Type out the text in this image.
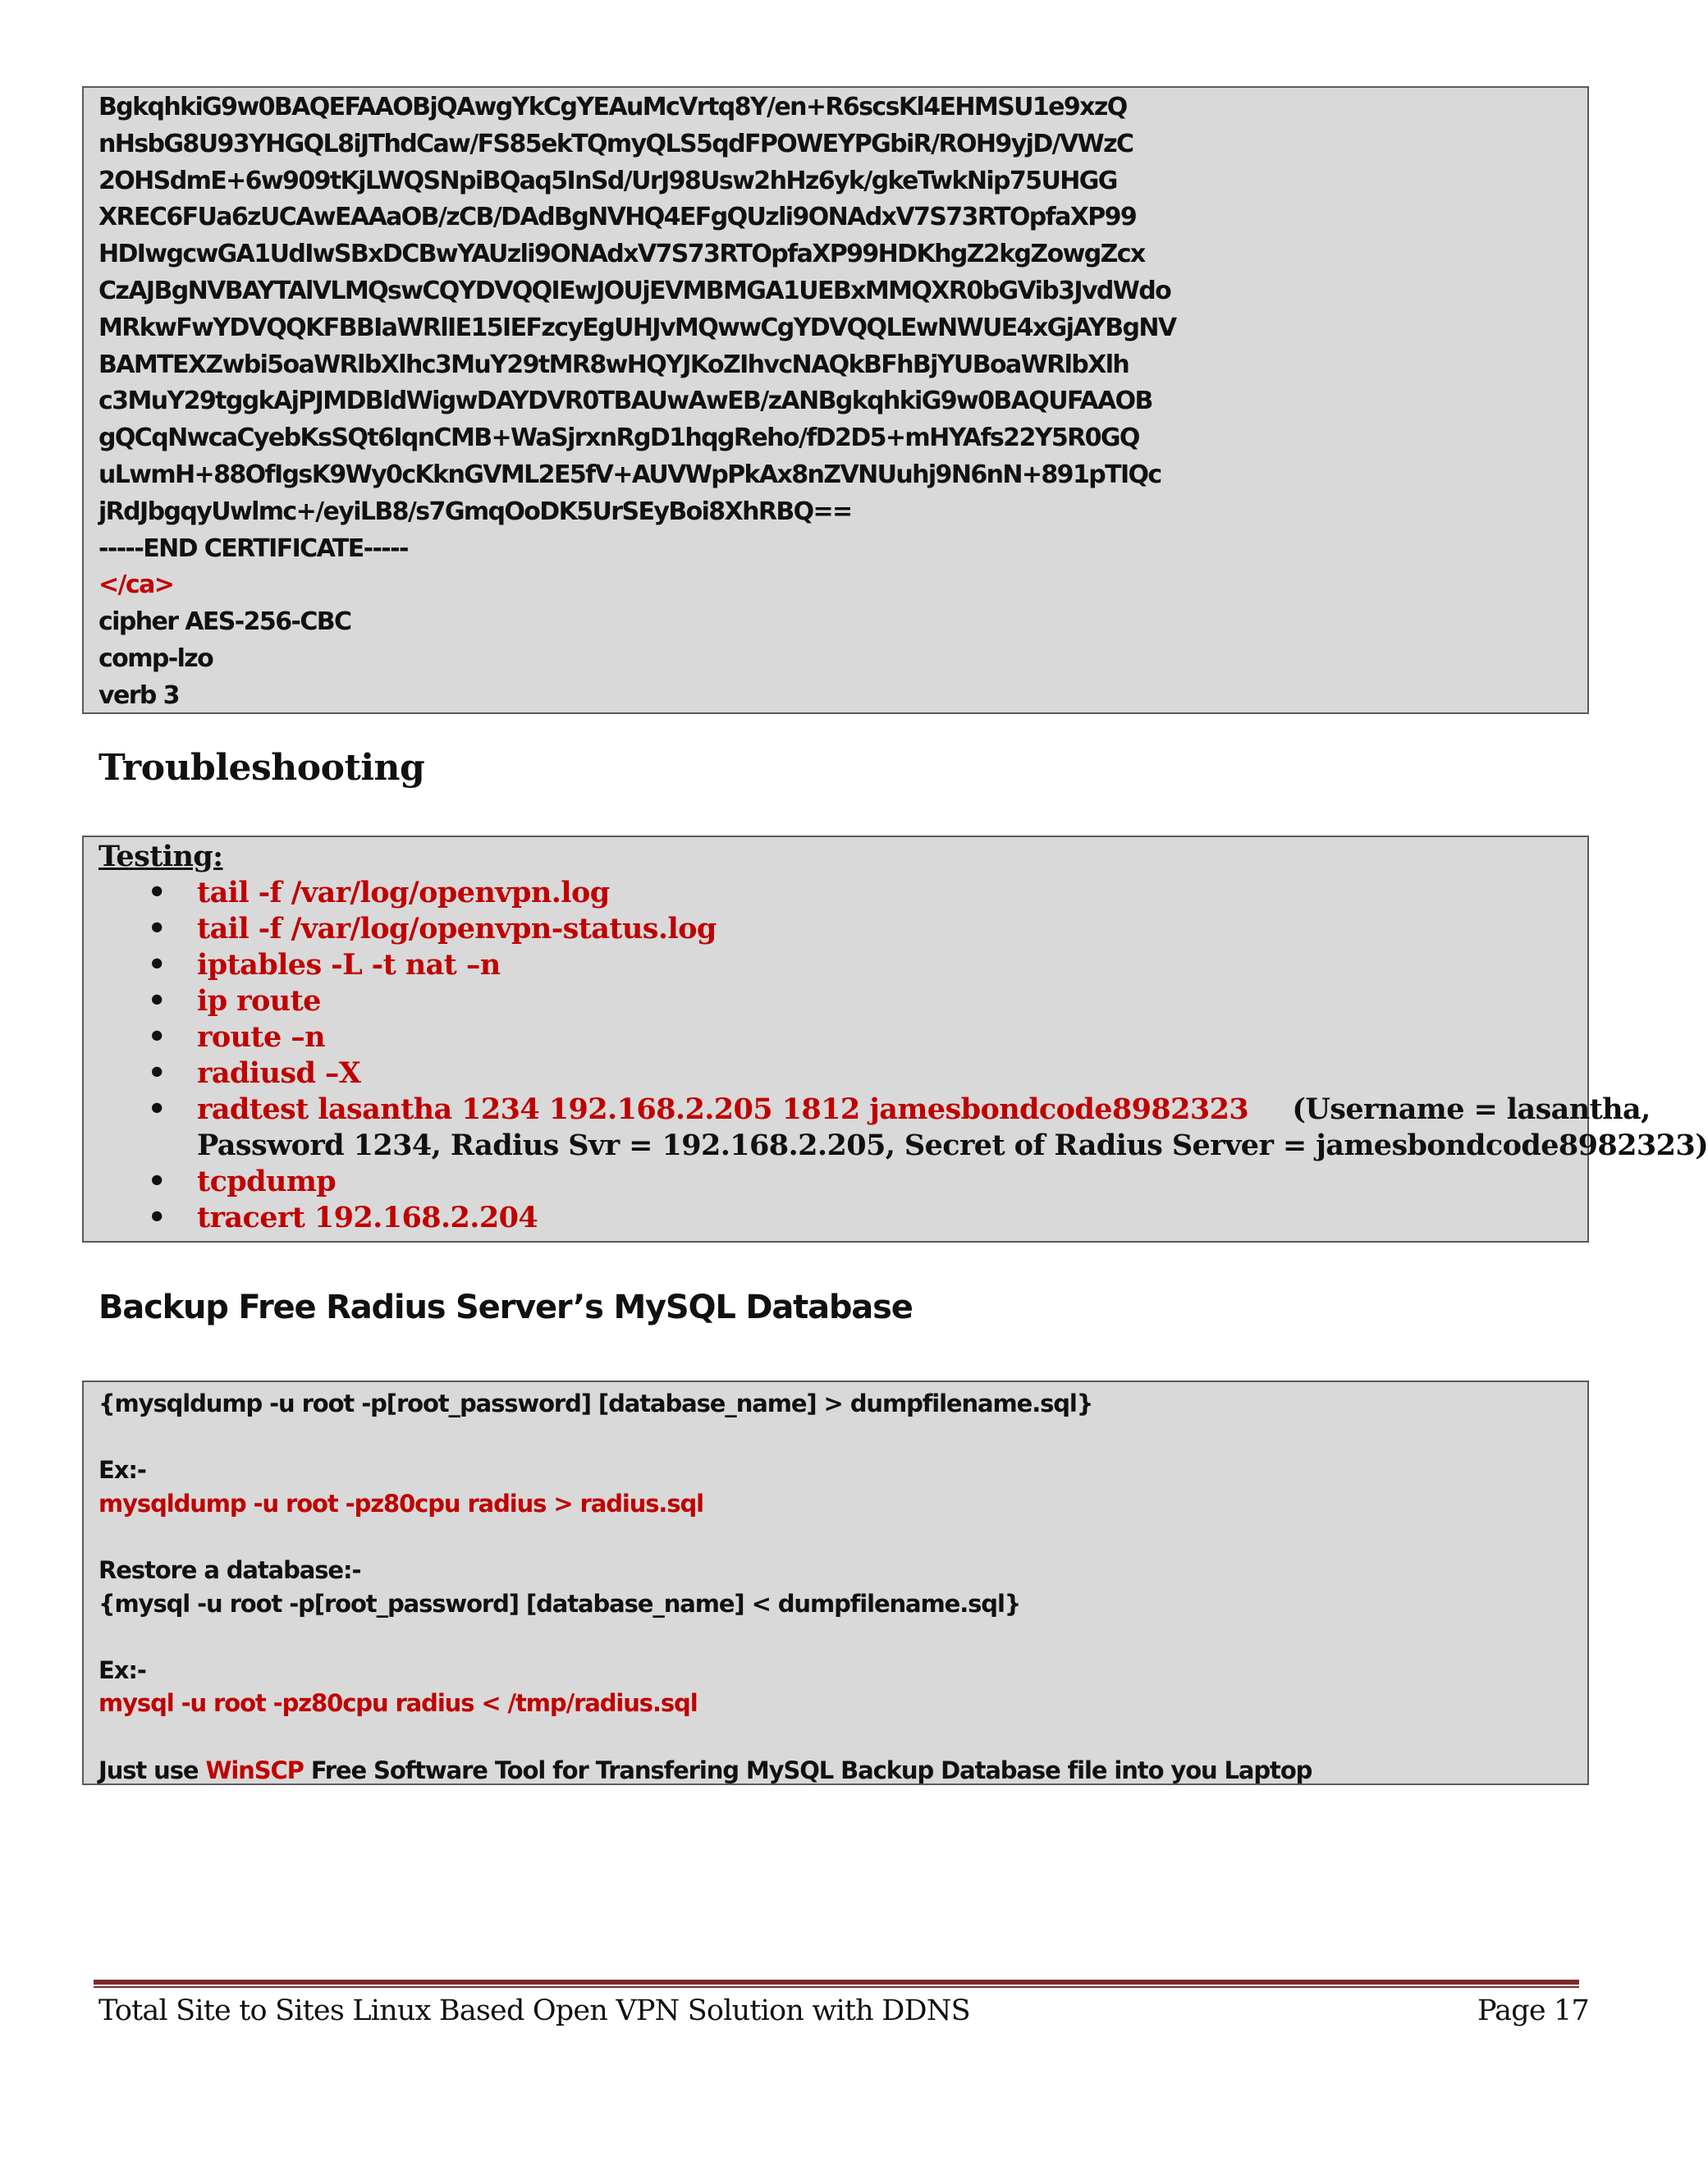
BgkqhkiG9w0BAQEFAAOBjQAwgYkCgYEAuMcVrtq8Y/en+R6scsKl4EHMSU1e9xzQ
nHsbG8U93YHGQL8iJThdCaw/FS85ekTQmyQLS5qdFPOWEYPGbiR/ROH9yjD/VWzC
2OHSdmE+6w909tKjLWQSNpiBQaq5InSd/UrJ98Usw2hHz6yk/gkeTwkNip75UHGG
XREC6FUa6zUCAwEAAaOB/zCB/DAdBgNVHQ4EFgQUzli9ONAdxV7S73RTOpfaXP99
HDIwgcwGA1UdIwSBxDCBwYAUzli9ONAdxV7S73RTOpfaXP99HDKhgZ2kgZowgZcx
CzAJBgNVBAYTAlVLMQswCQYDVQQIEwJOUjEVMBMGA1UEBxMMQXR0bGVib3JvdWdo
MRkwFwYDVQQKFBBIaWRlIE15IEFzcyEgUHJvMQwwCgYDVQQLEwNWUE4xGjAYBgNV
BAMTEXZwbi5oaWRlbXlhc3MuY29tMR8wHQYJKoZIhvcNAQkBFhBjYUBoaWRlbXlh
c3MuY29tggkAjPJMDBldWigwDAYDVR0TBAUwAwEB/zANBgkqhkiG9w0BAQUFAAOB
gQCqNwcaCyebKsSQt6IqnCMB+WaSjrxnRgD1hqgReho/fD2D5+mHYAfs22Y5R0GQ
uLwmH+88OfIgsK9Wy0cKknGVML2E5fV+AUVWpPkAx8nZVNUuhj9N6nN+891pTIQc
jRdJbgqyUwlmc+/eyiLB8/s7GmqOoDK5UrSEyBoi8XhRBQ==
-----END CERTIFICATE-----
</ca>
cipher AES-256-CBC
comp-lzo
verb 3
Troubleshooting
Testing:
• tail -f /var/log/openvpn.log
• tail -f /var/log/openvpn-status.log
• iptables -L -t nat –n
• ip route
• route –n
• radiusd –X
• radtest lasantha 1234 192.168.2.205 1812 jamesbondcode8982323 (Username = lasantha,
Password 1234, Radius Svr = 192.168.2.205, Secret of Radius Server = jamesbondcode8982323)
• tcpdump
• tracert 192.168.2.204
Backup Free Radius Server’s MySQL Database
{mysqldump -u root -p[root_password] [database_name] > dumpfilename.sql}
Ex:-
mysqldump -u root -pz80cpu radius > radius.sql
Restore a database:-
{mysql -u root -p[root_password] [database_name] < dumpfilename.sql}
Ex:-
mysql -u root -pz80cpu radius < /tmp/radius.sql
Just use WinSCP Free Software Tool for Transfering MySQL Backup Database file into you Laptop
Total Site to Sites Linux Based Open VPN Solution with DDNS	Page 17
